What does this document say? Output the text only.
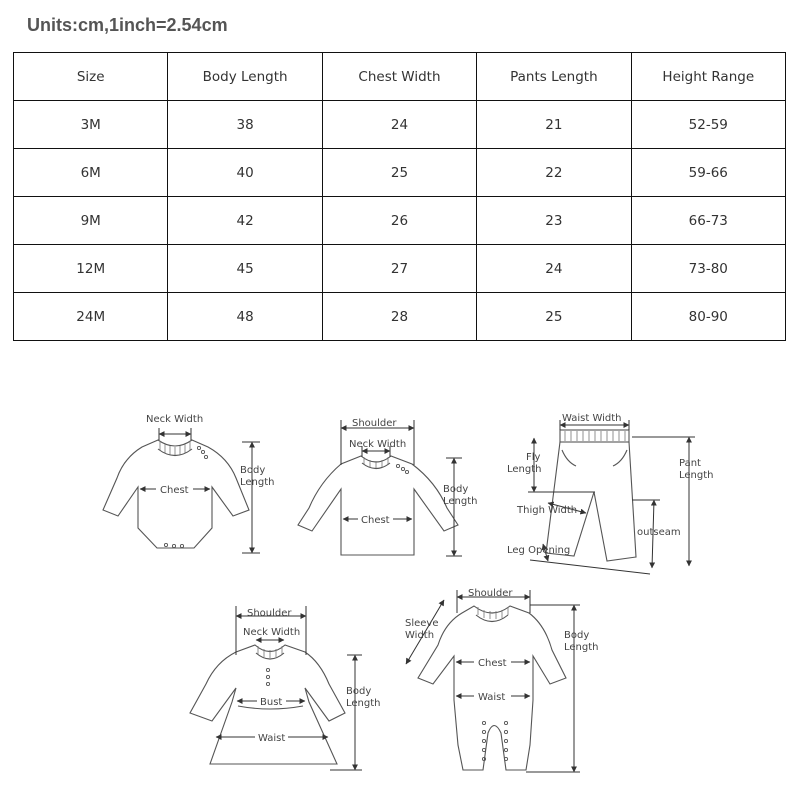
Units:cm,1inch=2.54cm
Size	Body Length	Chest Width	Pants Length	Height Range
3M	38	24	21	52-59
6M	40	25	22	59-66
9M	42	26	23	66-73
12M	45	27	24	73-80
24M	48	28	25	80-90
Neck Width
Chest
Body
Length
Shoulder
Neck Width
Chest
Body
Length
Waist Width
Fly
Length
Pant
Length
Thigh Width
outseam
Leg Opening
Shoulder
Neck Width
Bust
Waist
Body
Length
Shoulder
Sleeve
Width
Chest
Waist
Body
Length
